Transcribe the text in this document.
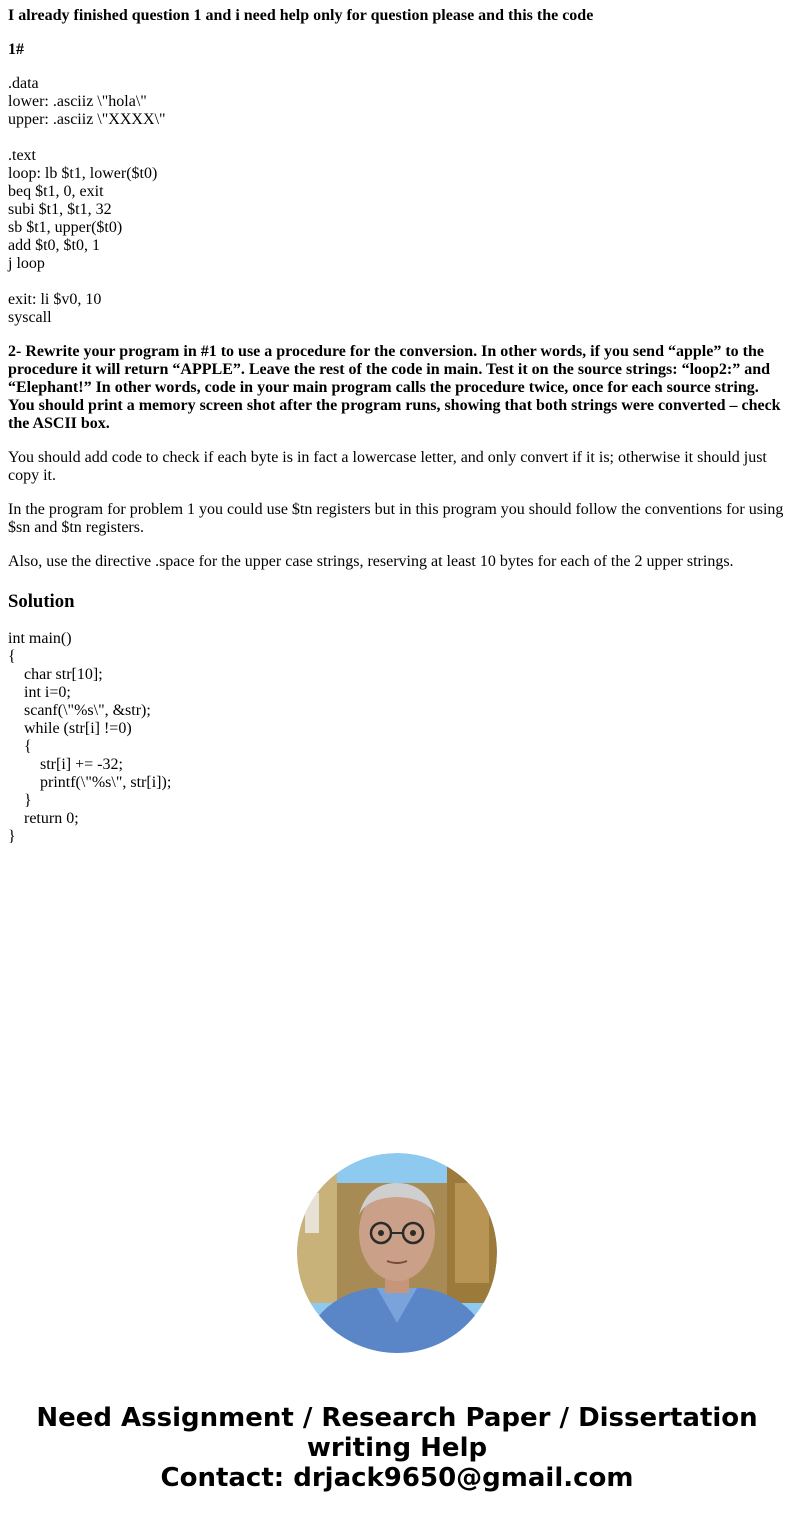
I already finished question 1 and i need help only for question please and this the code
1#
.data
lower: .asciiz \"hola\"
upper: .asciiz \"XXXX\"
.text
loop: lb $t1, lower($t0)
beq $t1, 0, exit
subi $t1, $t1, 32
sb $t1, upper($t0)
add $t0, $t0, 1
j loop
exit: li $v0, 10
syscall
2- Rewrite your program in #1 to use a procedure for the conversion. In other words, if you send “apple” to the procedure it will return “APPLE”. Leave the rest of the code in main. Test it on the source strings: “loop2:” and “Elephant!” In other words, code in your main program calls the procedure twice, once for each source string. You should print a memory screen shot after the program runs, showing that both strings were converted – check the ASCII box.
You should add code to check if each byte is in fact a lowercase letter, and only convert if it is; otherwise it should just copy it.
In the program for problem 1 you could use $tn registers but in this program you should follow the conventions for using $sn and $tn registers.
Also, use the directive .space for the upper case strings, reserving at least 10 bytes for each of the 2 upper strings.
Solution
int main()
{
char str[10];
int i=0;
scanf(\"%s\", &str);
while (str[i] !=0)
{
str[i] += -32;
printf(\"%s\", str[i]);
}
return 0;
}
Need Assignment / Research Paper / Dissertation
writing Help
Contact: drjack9650@gmail.com
